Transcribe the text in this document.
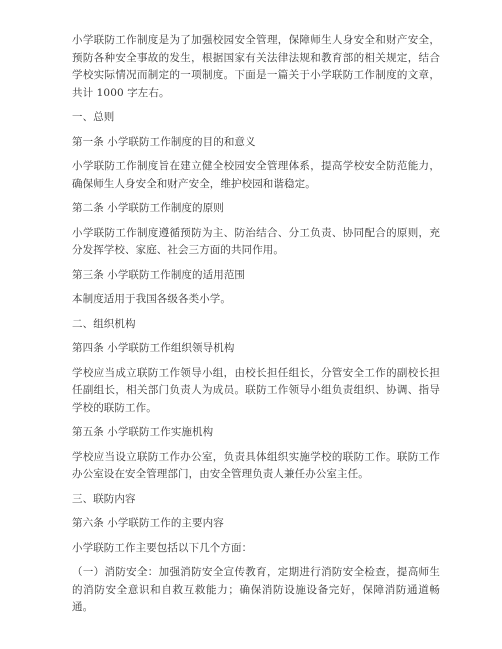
小学联防工作制度是为了加强校园安全管理，保障师生人身安全和财产安全，预防各种安全事故的发生，根据国家有关法律法规和教育部的相关规定，结合学校实际情况而制定的一项制度。下面是一篇关于小学联防工作制度的文章，共计 1000 字左右。

一、总则

第一条 小学联防工作制度的目的和意义

小学联防工作制度旨在建立健全校园安全管理体系，提高学校安全防范能力，确保师生人身安全和财产安全，维护校园和谐稳定。

第二条 小学联防工作制度的原则

小学联防工作制度遵循预防为主、防治结合、分工负责、协同配合的原则，充分发挥学校、家庭、社会三方面的共同作用。

第三条 小学联防工作制度的适用范围

本制度适用于我国各级各类小学。

二、组织机构

第四条 小学联防工作组织领导机构

学校应当成立联防工作领导小组，由校长担任组长，分管安全工作的副校长担任副组长，相关部门负责人为成员。联防工作领导小组负责组织、协调、指导学校的联防工作。

第五条 小学联防工作实施机构

学校应当设立联防工作办公室，负责具体组织实施学校的联防工作。联防工作办公室设在安全管理部门，由安全管理负责人兼任办公室主任。

三、联防内容

第六条 小学联防工作的主要内容

小学联防工作主要包括以下几个方面：

（一）消防安全：加强消防安全宣传教育，定期进行消防安全检查，提高师生的消防安全意识和自救互救能力；确保消防设施设备完好，保障消防通道畅通。
